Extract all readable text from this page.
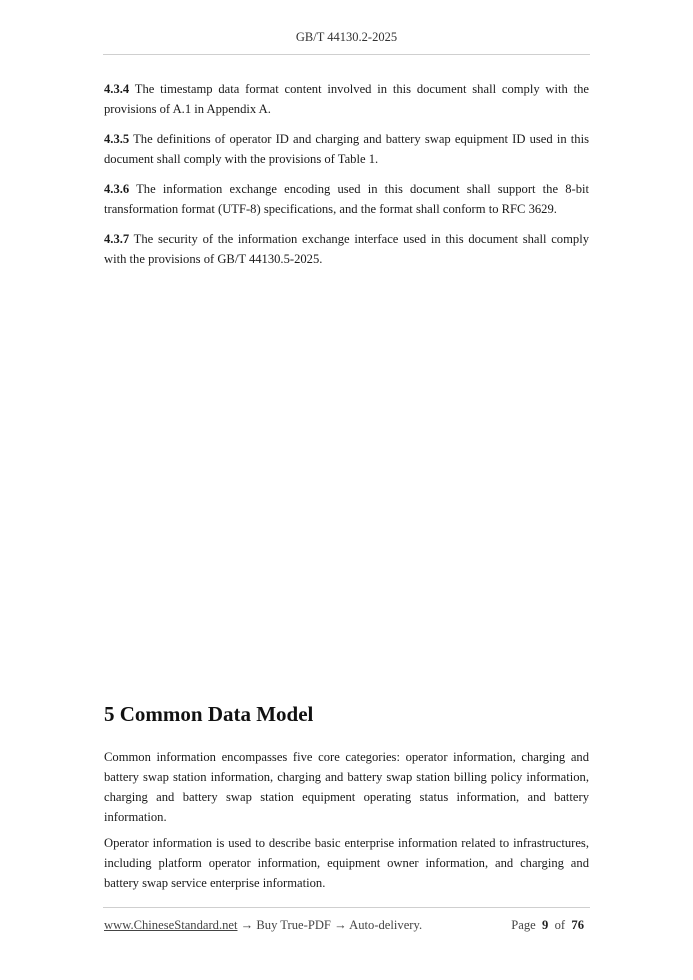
GB/T 44130.2-2025

4.3.4 The timestamp data format content involved in this document shall comply with the provisions of A.1 in Appendix A.

4.3.5 The definitions of operator ID and charging and battery swap equipment ID used in this document shall comply with the provisions of Table 1.

4.3.6 The information exchange encoding used in this document shall support the 8-bit transformation format (UTF-8) specifications, and the format shall conform to RFC 3629.

4.3.7 The security of the information exchange interface used in this document shall comply with the provisions of GB/T 44130.5-2025.

5 Common Data Model

Common information encompasses five core categories: operator information, charging and battery swap station information, charging and battery swap station billing policy information, charging and battery swap station equipment operating status information, and battery information.

Operator information is used to describe basic enterprise information related to infrastructures, including platform operator information, equipment owner information, and charging and battery swap service enterprise information.

www.ChineseStandard.net → Buy True-PDF → Auto-delivery.	Page 9 of 76
